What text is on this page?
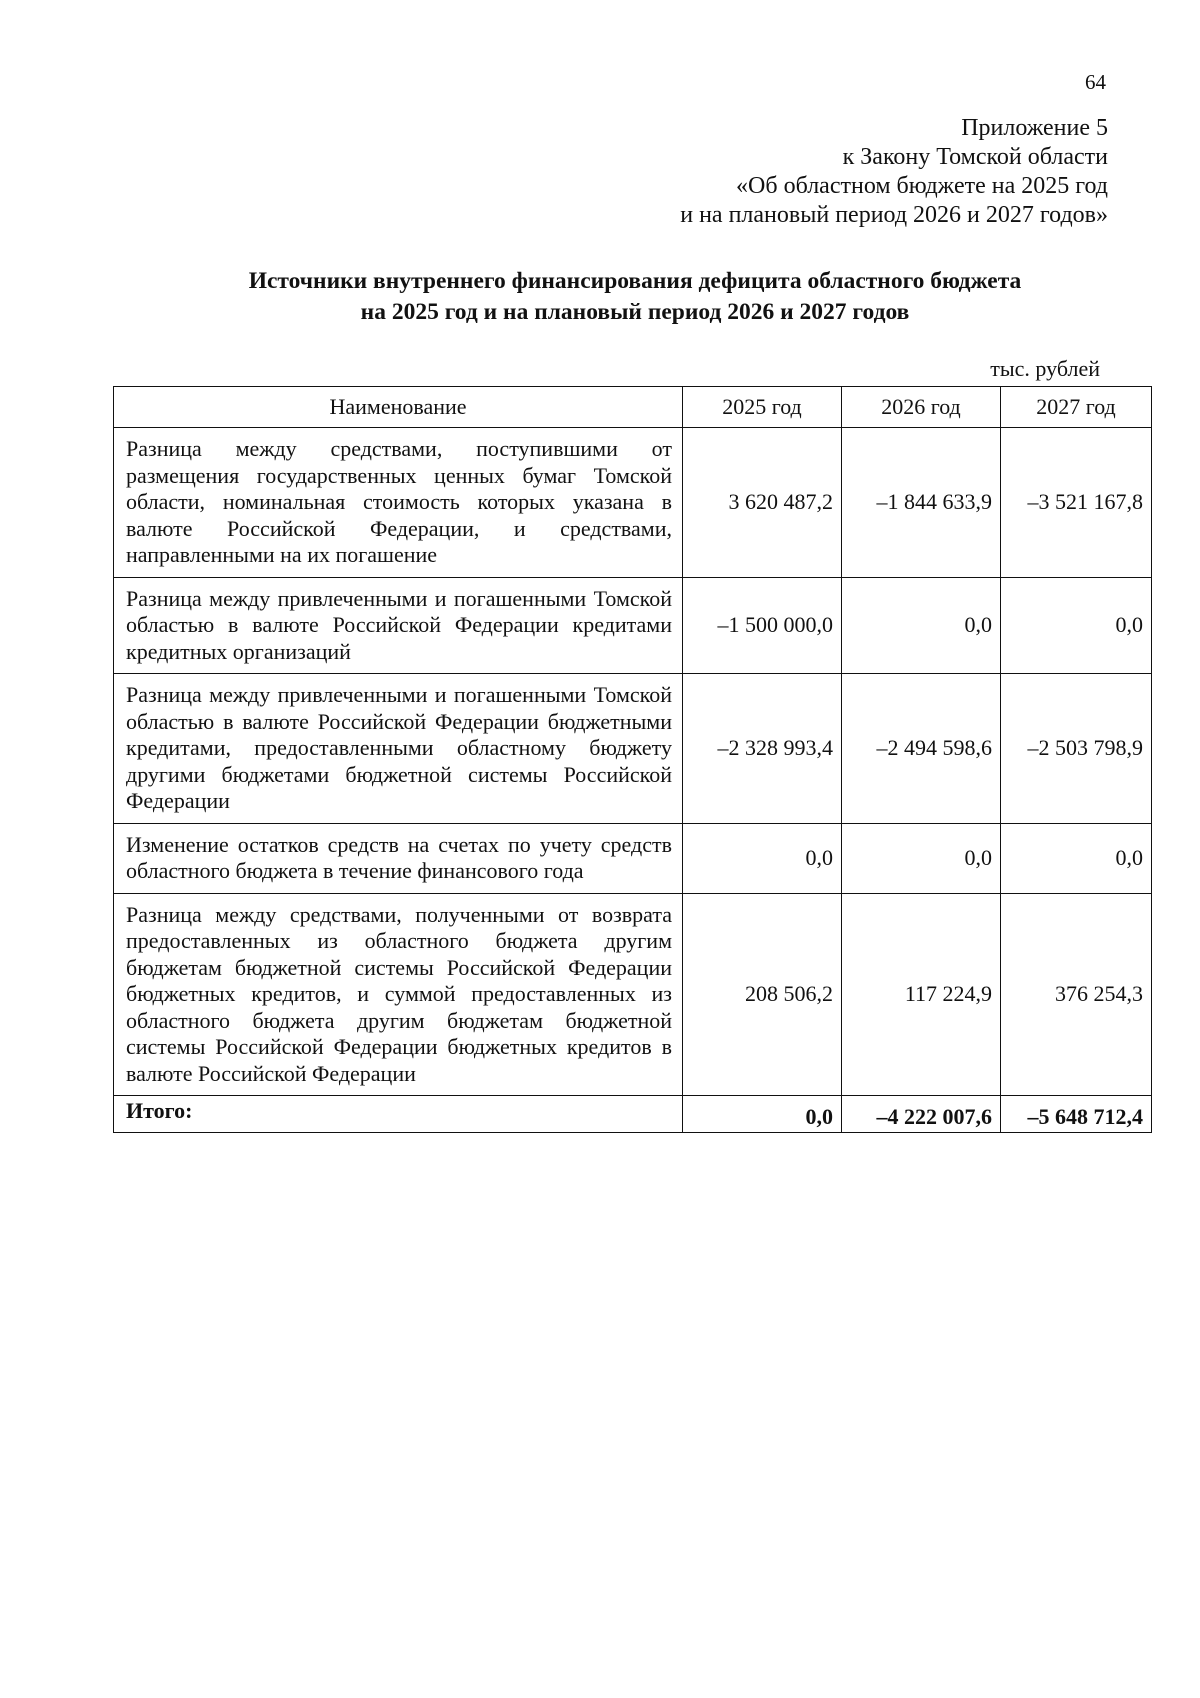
64
Приложение 5
к Закону Томской области
«Об областном бюджете на 2025 год
и на плановый период 2026 и 2027 годов»
Источники внутреннего финансирования дефицита областного бюджета
на 2025 год и на плановый период 2026 и 2027 годов
тыс. рублей
Наименование	2025 год	2026 год	2027 год
Разница между средствами, поступившими от размещения государственных ценных бумаг Томской области, номинальная стоимость которых указана в валюте Российской Федерации, и средствами, направленными на их погашение	3 620 487,2	–1 844 633,9	–3 521 167,8
Разница между привлеченными и погашенными Томской областью в валюте Российской Федерации кредитами кредитных организаций	–1 500 000,0	0,0	0,0
Разница между привлеченными и погашенными Томской областью в валюте Российской Федерации бюджетными кредитами, предоставленными областному бюджету другими бюджетами бюджетной системы Российской Федерации	–2 328 993,4	–2 494 598,6	–2 503 798,9
Изменение остатков средств на счетах по учету средств областного бюджета в течение финансового года	0,0	0,0	0,0
Разница между средствами, полученными от возврата предоставленных из областного бюджета другим бюджетам бюджетной системы Российской Федерации бюджетных кредитов, и суммой предоставленных из областного бюджета другим бюджетам бюджетной системы Российской Федерации бюджетных кредитов в валюте Российской Федерации	208 506,2	117 224,9	376 254,3
Итого:	0,0	–4 222 007,6	–5 648 712,4
